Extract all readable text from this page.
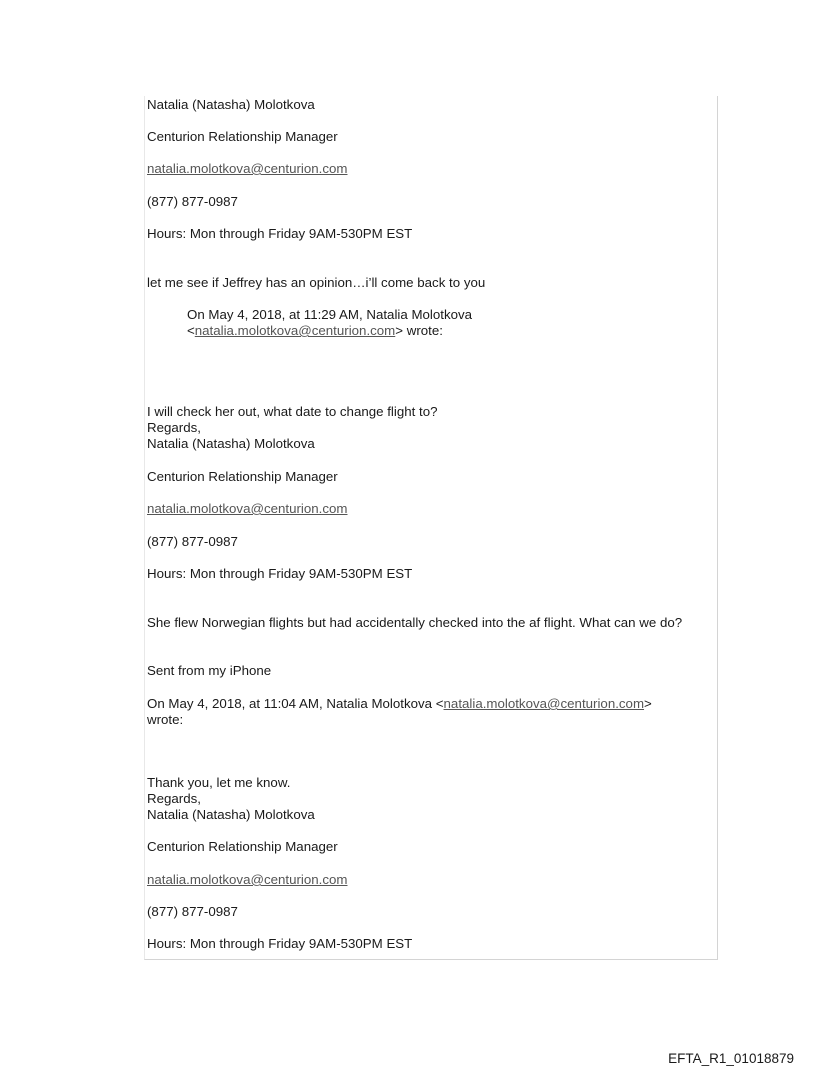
Natalia (Natasha) Molotkova
Centurion Relationship Manager
natalia.molotkova@centurion.com
(877) 877-0987
Hours: Mon through Friday 9AM-530PM EST
let me see if Jeffrey has an opinion…i’ll come back to you
On May 4, 2018, at 11:29 AM, Natalia Molotkova
<natalia.molotkova@centurion.com> wrote:
I will check her out, what date to change flight to?
Regards,
Natalia (Natasha) Molotkova
Centurion Relationship Manager
natalia.molotkova@centurion.com
(877) 877-0987
Hours: Mon through Friday 9AM-530PM EST
She flew Norwegian flights but had accidentally checked into the af flight. What can we do?
Sent from my iPhone
On May 4, 2018, at 11:04 AM, Natalia Molotkova <natalia.molotkova@centurion.com>
wrote:
Thank you, let me know.
Regards,
Natalia (Natasha) Molotkova
Centurion Relationship Manager
natalia.molotkova@centurion.com
(877) 877-0987
Hours: Mon through Friday 9AM-530PM EST
EFTA_R1_01018879
